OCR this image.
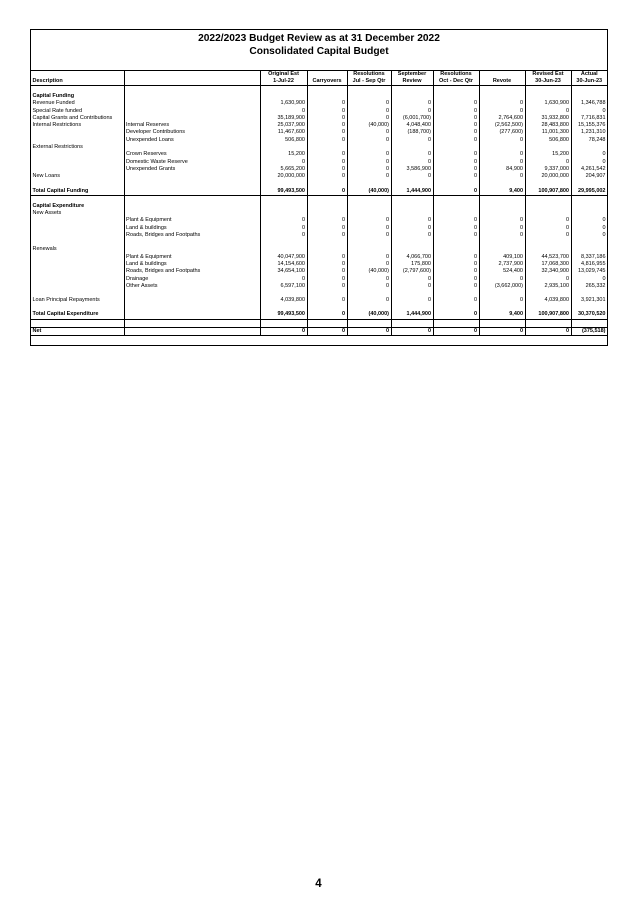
2022/2023 Budget Review as at 31 December 2022
Consolidated Capital Budget
		Original Est		Resolutions	September	Resolutions		Revised Est	Actual
Description		1-Jul-22	Carryovers	Jul - Sep Qtr	Review	Oct - Dec Qtr	Revote	30-Jun-23	30-Jun-23

Capital Funding									
Revenue Funded		1,630,900	0	0	0	0	0	1,630,900	1,346,788
Special Rate funded		0	0	0	0	0	0	0	0
Capital Grants and Contributions		35,189,900	0	0	(6,001,700)	0	2,764,600	31,932,800	7,716,831
Internal Restrictions	Internal Reserves	25,037,900	0	(40,000)	4,048,400	0	(2,562,500)	28,483,800	15,155,376
	Developer Contributions	11,467,600	0	0	(188,700)	0	(277,600)	11,001,300	1,231,310
	Unexpended Loans	506,800	0	0	0	0	0	506,800	78,248
External Restrictions									
	Crown Reserves	15,200	0	0	0	0	0	15,200	0
	Domestic Waste Reserve	0	0	0	0	0	0	0	0
	Unexpended Grants	5,665,200	0	0	3,586,900	0	84,900	9,337,000	4,261,542
New Loans		20,000,000	0	0	0	0	0	20,000,000	204,907

Total Capital Funding		99,493,500	0	(40,000)	1,444,900	0	9,400	100,907,800	29,995,002

Capital Expenditure									
New Assets									
	Plant & Equipment	0	0	0	0	0	0	0	0
	Land & buildings	0	0	0	0	0	0	0	0
	Roads, Bridges and Footpaths	0	0	0	0	0	0	0	0

Renewals									
	Plant & Equipment	40,047,900	0	0	4,066,700	0	409,100	44,523,700	8,337,186
	Land & buildings	14,154,600	0	0	175,800	0	2,737,900	17,068,300	4,816,955
	Roads, Bridges and Footpaths	34,654,100	0	(40,000)	(2,797,600)	0	524,400	32,340,900	13,029,745
	Drainage	0	0	0	0	0	0	0	0
	Other Assets	6,597,100	0	0	0	0	(3,662,000)	2,935,100	265,332

Loan Principal Repayments		4,039,800	0	0	0	0	0	4,039,800	3,921,301

Total Capital Expenditure		99,493,500	0	(40,000)	1,444,900	0	9,400	100,907,800	30,370,520

Net		0	0	0	0	0	0	0	(375,518)
4
